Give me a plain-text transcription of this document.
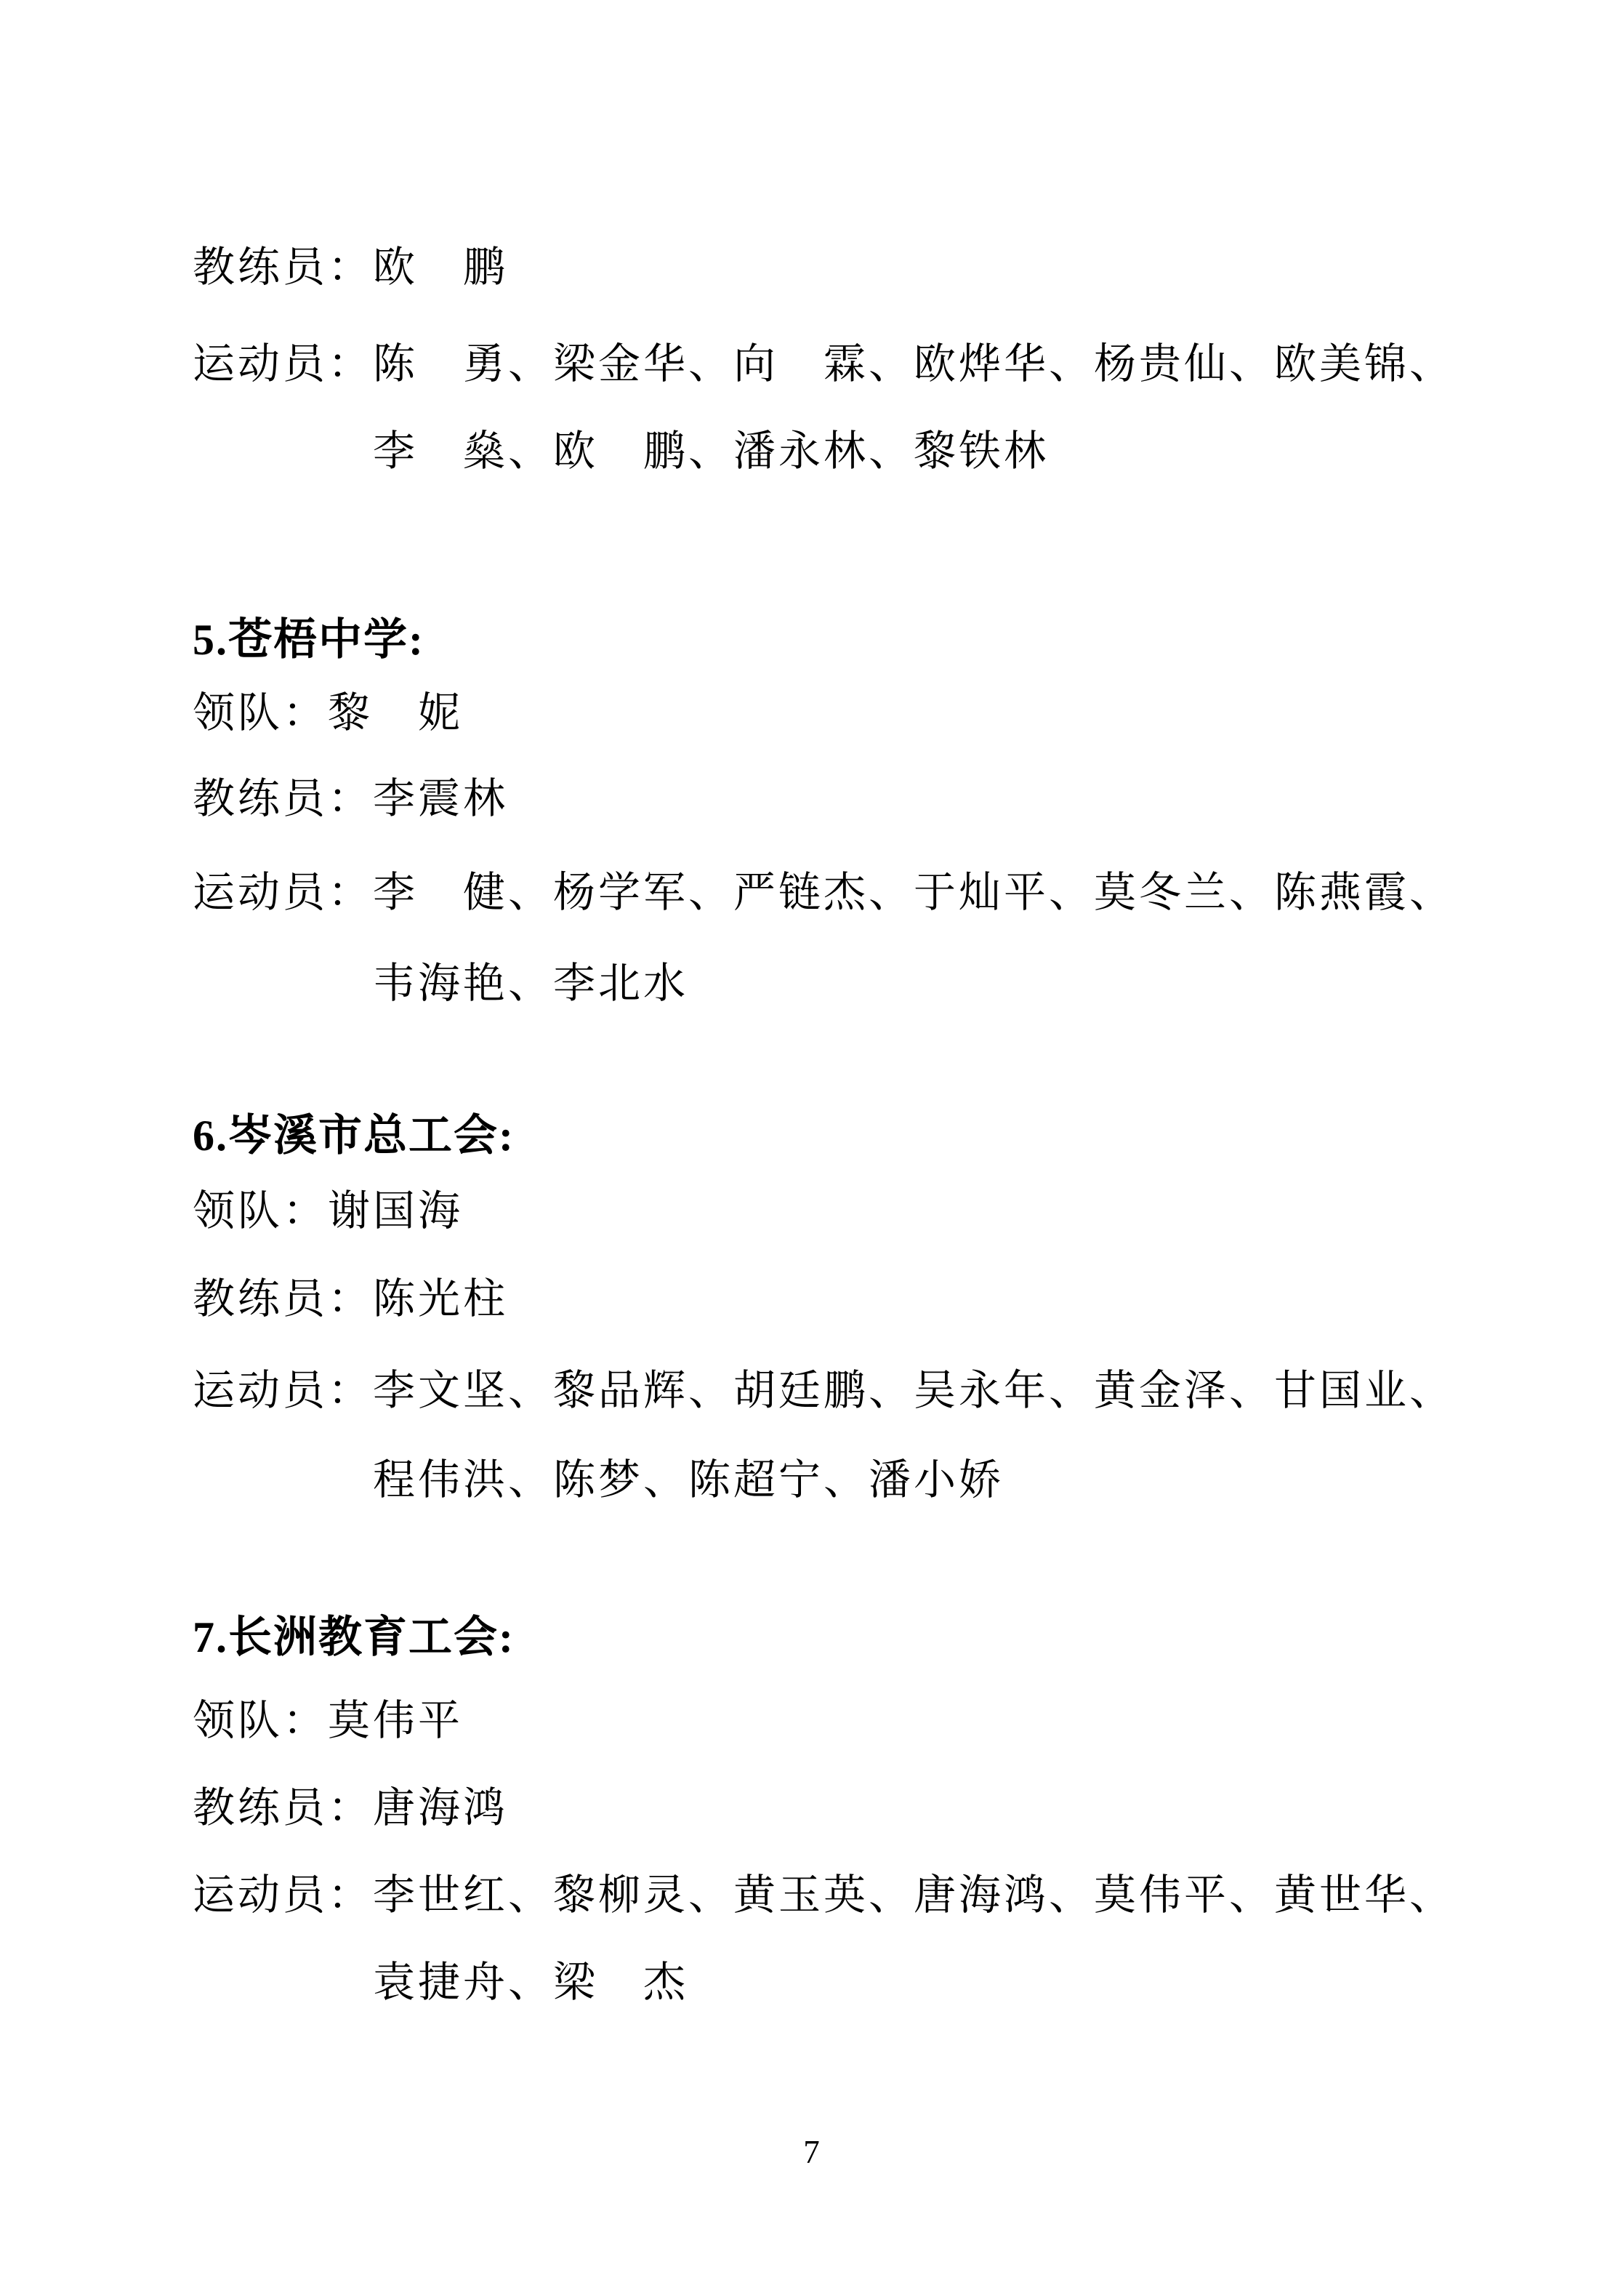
教练员：欧　鹏
运动员：陈　勇、梁金华、向　霖、欧烨华、杨贵仙、欧美锦、
李　燊、欧　鹏、潘永林、黎铁林
5.苍梧中学:
领队：黎　妮
教练员：李震林
运动员：李　健、杨学军、严链杰、于灿平、莫冬兰、陈燕霞、
韦海艳、李北水
6.岑溪市总工会:
领队：谢国海
教练员：陈光柱
运动员：李文坚、黎品辉、胡廷鹏、吴永年、黄金泽、甘国业、
程伟洪、陈梦、陈超宁、潘小娇
7.长洲教育工会:
领队：莫伟平
教练员：唐海鸿
运动员：李世红、黎柳灵、黄玉英、唐海鸿、莫伟平、黄世华、
袁捷舟、梁　杰
7
